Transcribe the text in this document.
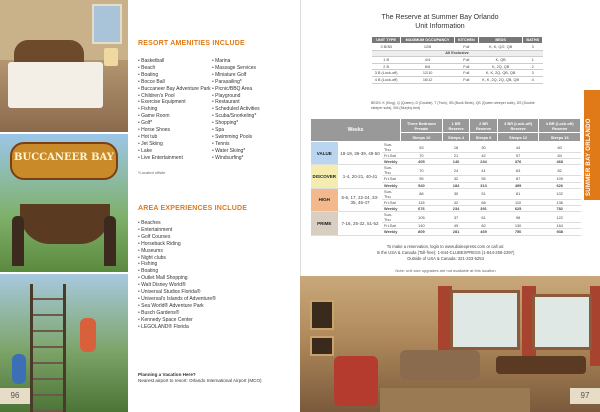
BUCCANEER BAY
96
RESORT AMENITIES INCLUDE
• Basketball
• Beach
• Boating
• Bocce Ball
• Buccaneer Bay Adventure Park
• Children's Pool
• Exercise Equipment
• Fishing
• Game Room
• Golf*
• Horse Shoes
• Hot tub
• Jet Skiing
• Lake
• Live Entertainment
• Marina
• Massage Services
• Miniature Golf
• Parasailing*
• Picnic/BBQ Area
• Playground
• Restaurant
• Scheduled Activities
• Scuba/Snorkeling*
• Shopping*
• Spa
• Swimming Pools
• Tennis
• Water Skiing*
• Windsurfing*
*Located offsite
AREA EXPERIENCES INCLUDE
• Beaches
• Entertainment
• Golf Courses
• Horseback Riding
• Museums
• Night clubs
• Fishing
• Boating
• Outlet Mall Shopping
• Walt Disney World®
• Universal Studios Florida®
• Universal's Islands of Adventure®
• Sea World® Adventure Park
• Busch Gardens®
• Kennedy Space Center
• LEGOLAND® Florida
Planning a Vacation Here?
Nearest airport to resort: Orlando International Airport (MCO)
The Reserve at Summer Bay Orlando
Unit Information
UNIT TYPE	MAXIMUM OCCUPANCY	KITCHEN	BEDS	BATHS
3 B/3B	12/8	Full	K, K, Q/2, QB	3
All Exclusive				
1 B	4/4	Full	K, QB	1
2 B	8/6	Full	K, 2Q, QB	2
3 B (Lock-off)	12/10	Full	K, K, 2Q, QB, QB	3
4 B (Lock-off)	16/12	Full	K, K, 2Q, 2Q, QB, QB	4
BEDS: K (King), Q (Queen), D (Double), T (Twin), SB (Bunk Beds), QS (Queen sleeper sofa), DS (Double sleeper sofa), SM (Murphy bed)
SUMMER BAY ORLANDO
Weeks			Three Bedroom Presale	1 BR Reserve	2 BR Reserve	3 BR (Lock-off) Reserve	4 BR (Lock-off) Reserve
			Sleeps 10	Sleeps 4	Sleeps 6	Sleeps 12	Sleeps 16
VALUE	18-19, 36-39, 48-50	Sun-Thu	53	18	30	44	60
		Fri-Sat	70	21	42	57	84
		Weekly	405	140	234	376	468
DISCOVER	1-4, 20-21, 40-41	Sun-Thu	70	24	41	63	82
		Fri-Sat	95	32	55	87	109
		Weekly	540	184	313	499	626
HIGH	5-6, 17, 22-24, 33-35, 46-47	Sun-Thu	88	30	51	81	102
		Fri-Sat	118	42	68	110	136
		Weekly	676	234	391	625	782
PRIME	7-16, 25-32, 51-52	Sun-Thu	105	37	61	98	122
		Fri-Sat	140	49	82	130	164
		Weekly	809	281	469	750	938
To make a reservation, login to www.dialexpress.com or call us:
In the USA & Canada (Toll-free): 1-844-CLUBEXPRESS (1-844-258-2397)
Outside of USA & Canada: 321-233-5253
Note: unit size upgrades are not available at this location
97
